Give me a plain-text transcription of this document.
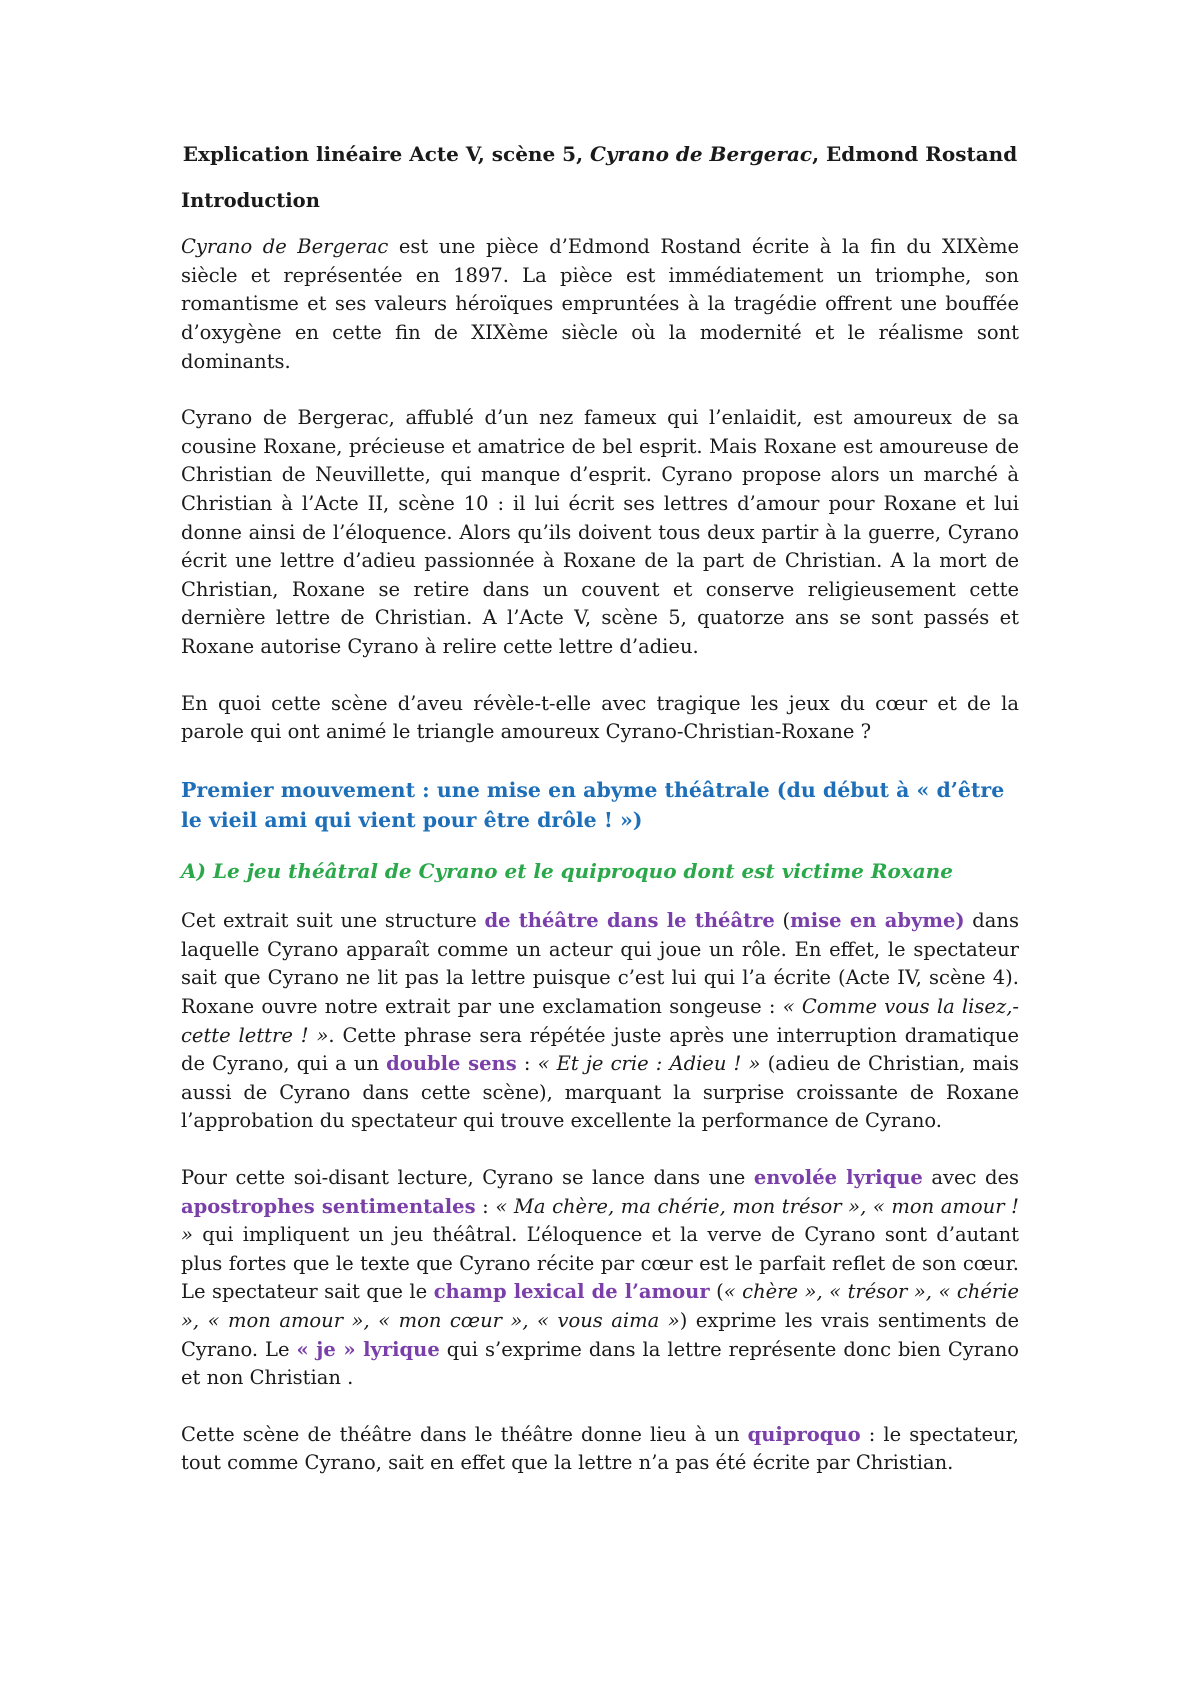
Explication linéaire Acte V, scène 5, Cyrano de Bergerac, Edmond Rostand
Introduction

Cyrano de Bergerac est une pièce d’Edmond Rostand écrite à la fin du XIXème siècle et représentée en 1897. La pièce est immédiatement un triomphe, son romantisme et ses valeurs héroïques empruntées à la tragédie offrent une bouffée d’oxygène en cette fin de XIXème siècle où la modernité et le réalisme sont dominants.

Cyrano de Bergerac, affublé d’un nez fameux qui l’enlaidit, est amoureux de sa cousine Roxane, précieuse et amatrice de bel esprit. Mais Roxane est amoureuse de Christian de Neuvillette, qui manque d’esprit. Cyrano propose alors un marché à Christian à l’Acte II, scène 10 : il lui écrit ses lettres d’amour pour Roxane et lui donne ainsi de l’éloquence. Alors qu’ils doivent tous deux partir à la guerre, Cyrano écrit une lettre d’adieu passionnée à Roxane de la part de Christian. A la mort de Christian, Roxane se retire dans un couvent et conserve religieusement cette dernière lettre de Christian. A l’Acte V, scène 5, quatorze ans se sont passés et Roxane autorise Cyrano à relire cette lettre d’adieu.

En quoi cette scène d’aveu révèle-t-elle avec tragique les jeux du cœur et de la parole qui ont animé le triangle amoureux Cyrano-Christian-Roxane ?

Premier mouvement : une mise en abyme théâtrale (du début à « d’être le vieil ami qui vient pour être drôle ! »)
A) Le jeu théâtral de Cyrano et le quiproquo dont est victime Roxane

Cet extrait suit une structure de théâtre dans le théâtre (mise en abyme) dans laquelle Cyrano apparaît comme un acteur qui joue un rôle. En effet, le spectateur sait que Cyrano ne lit pas la lettre puisque c’est lui qui l’a écrite (Acte IV, scène 4). Roxane ouvre notre extrait par une exclamation songeuse : « Comme vous la lisez,- cette lettre ! ». Cette phrase sera répétée juste après une interruption dramatique de Cyrano, qui a un double sens : « Et je crie : Adieu ! » (adieu de Christian, mais aussi de Cyrano dans cette scène), marquant la surprise croissante de Roxane l’approbation du spectateur qui trouve excellente la performance de Cyrano.

Pour cette soi-disant lecture, Cyrano se lance dans une envolée lyrique avec des apostrophes sentimentales : « Ma chère, ma chérie, mon trésor », « mon amour ! » qui impliquent un jeu théâtral. L’éloquence et la verve de Cyrano sont d’autant plus fortes que le texte que Cyrano récite par cœur est le parfait reflet de son cœur. Le spectateur sait que le champ lexical de l’amour (« chère », « trésor », « chérie », « mon amour », « mon cœur », « vous aima ») exprime les vrais sentiments de Cyrano. Le « je » lyrique qui s’exprime dans la lettre représente donc bien Cyrano et non Christian .

Cette scène de théâtre dans le théâtre donne lieu à un quiproquo : le spectateur, tout comme Cyrano, sait en effet que la lettre n’a pas été écrite par Christian.
